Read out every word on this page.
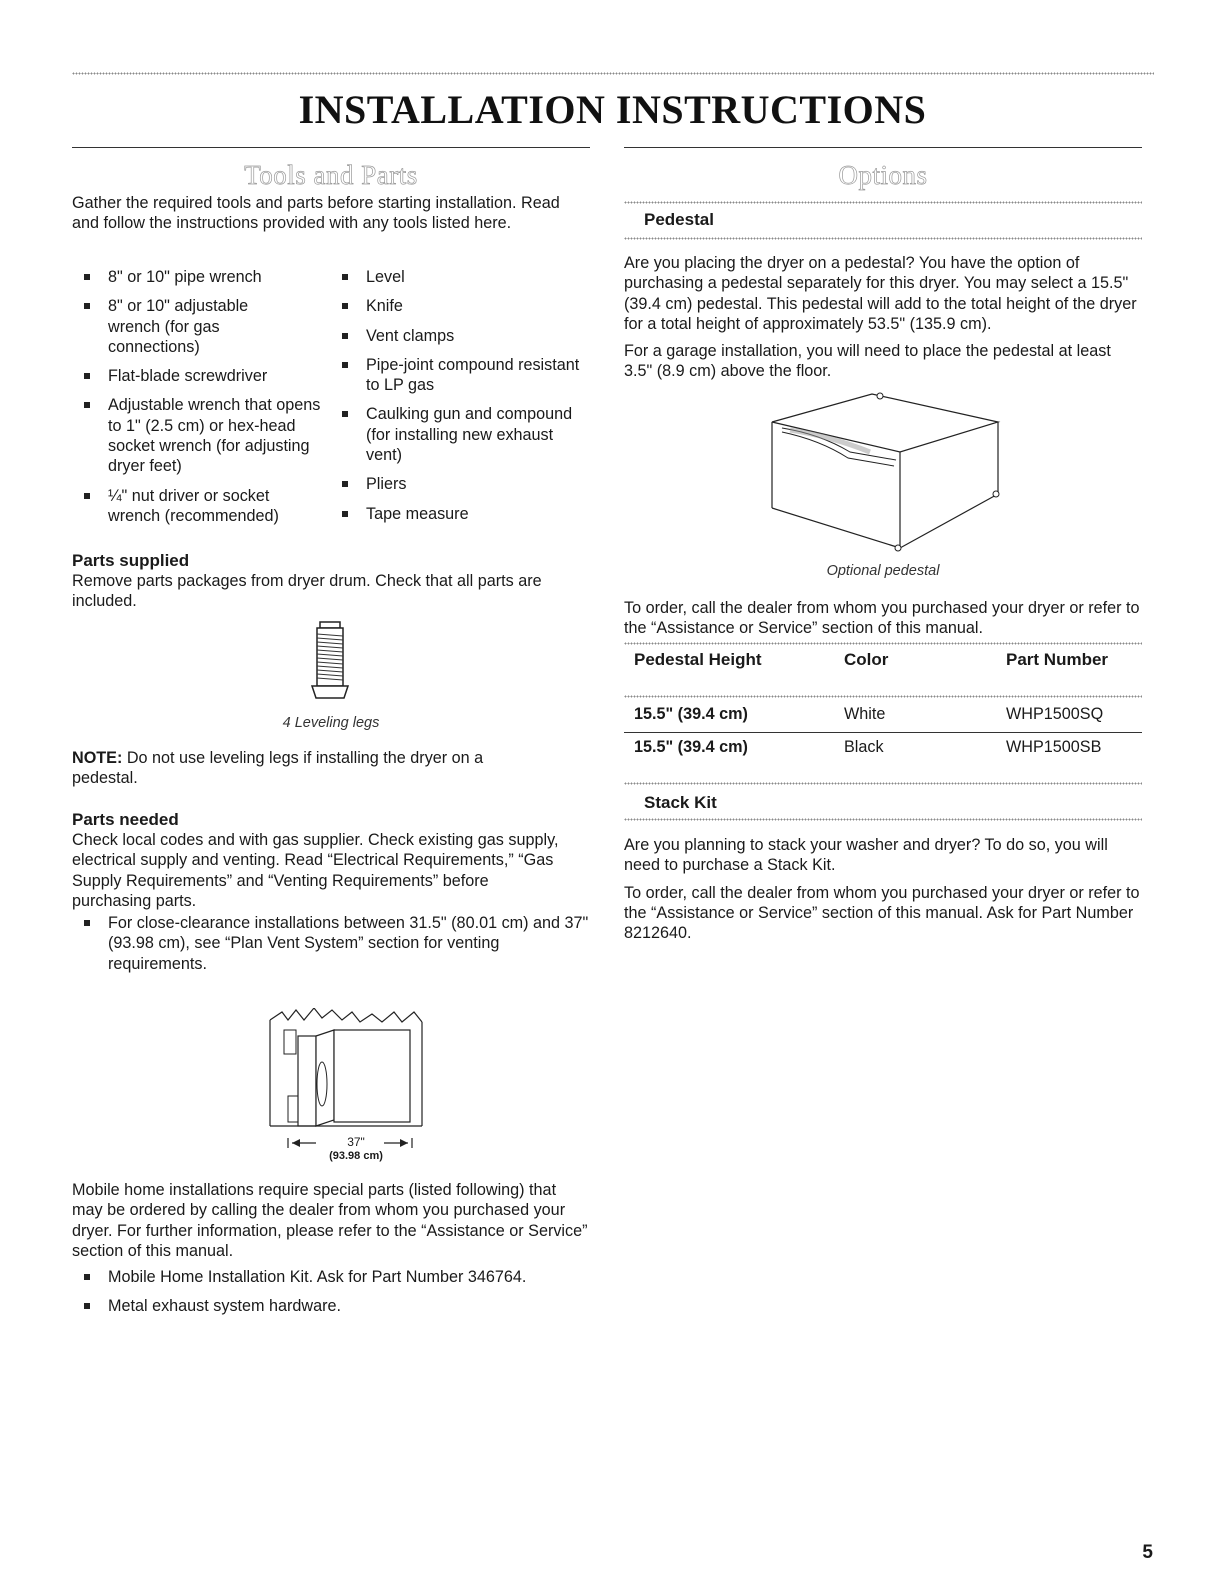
INSTALLATION INSTRUCTIONS
Tools and Parts

Gather the required tools and parts before starting installation. Read and follow the instructions provided with any tools listed here.

8" or 10" pipe wrench
8" or 10" adjustable wrench (for gas connections)
Flat-blade screwdriver
Adjustable wrench that opens to 1" (2.5 cm) or hex-head socket wrench (for adjusting dryer feet)
¼" nut driver or socket wrench (recommended)
Level
Knife
Vent clamps
Pipe-joint compound resistant to LP gas
Caulking gun and compound (for installing new exhaust vent)
Pliers
Tape measure
Parts supplied

Remove parts packages from dryer drum. Check that all parts are included.

4 Leveling legs

NOTE: Do not use leveling legs if installing the dryer on a pedestal.

Parts needed

Check local codes and with gas supplier. Check existing gas supply, electrical supply and venting. Read “Electrical Requirements,” “Gas Supply Requirements” and “Venting Requirements” before purchasing parts.

For close-clearance installations between 31.5" (80.01 cm) and 37" (93.98 cm), see “Plan Vent System” section for venting requirements.
37"
(93.98 cm)

Mobile home installations require special parts (listed following) that may be ordered by calling the dealer from whom you purchased your dryer. For further information, please refer to the “Assistance or Service” section of this manual.

Mobile Home Installation Kit. Ask for Part Number 346764.
Metal exhaust system hardware.
Options
Pedestal

Are you placing the dryer on a pedestal? You have the option of purchasing a pedestal separately for this dryer. You may select a 15.5" (39.4 cm) pedestal. This pedestal will add to the total height of the dryer for a total height of approximately 53.5" (135.9 cm).

For a garage installation, you will need to place the pedestal at least 3.5" (8.9 cm) above the floor.

Optional pedestal

To order, call the dealer from whom you purchased your dryer or refer to the “Assistance or Service” section of this manual.

Pedestal Height	Color	Part Number
15.5" (39.4 cm)	White	WHP1500SQ
15.5" (39.4 cm)	Black	WHP1500SB
Stack Kit

Are you planning to stack your washer and dryer? To do so, you will need to purchase a Stack Kit.

To order, call the dealer from whom you purchased your dryer or refer to the “Assistance or Service” section of this manual. Ask for Part Number 8212640.

5
